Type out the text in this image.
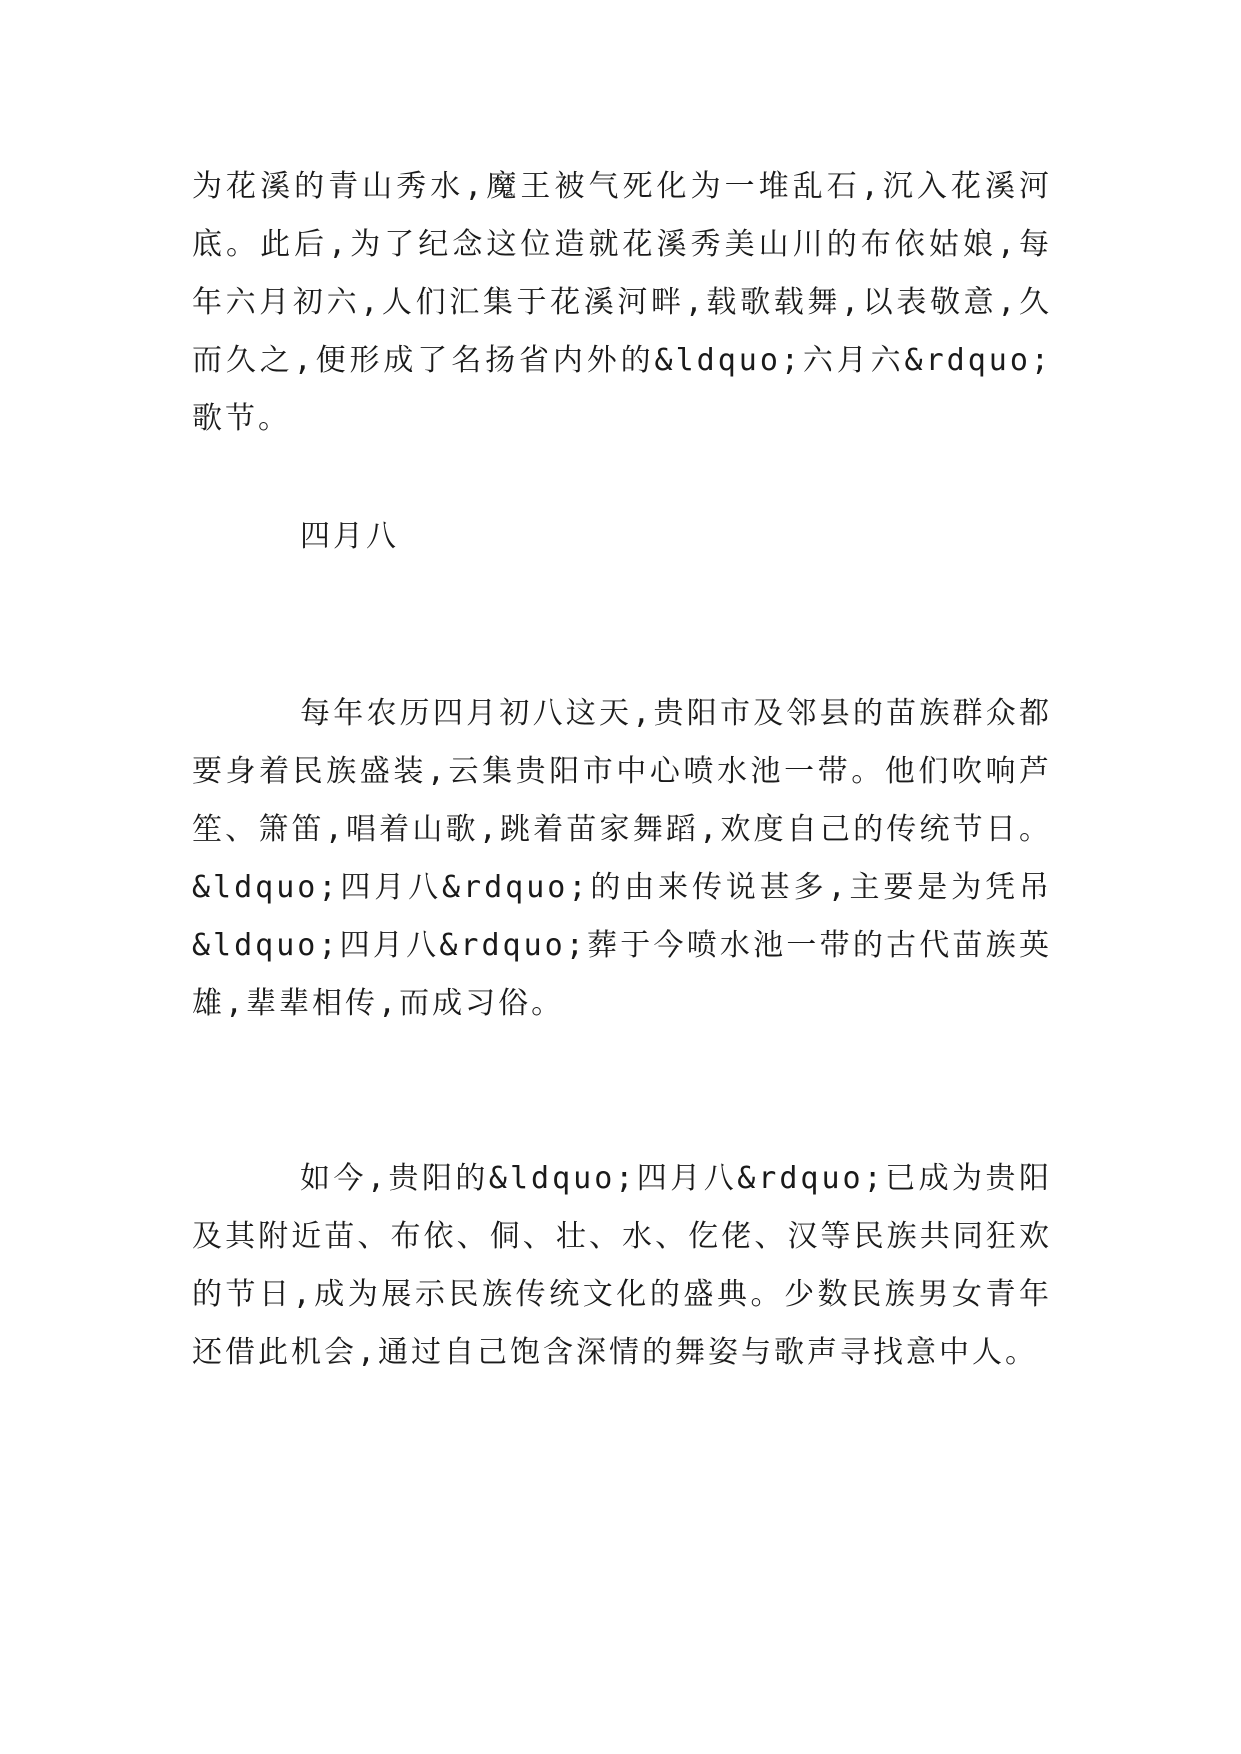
为花溪的青山秀水,魔王被气死化为一堆乱石,沉入花溪河底。此后,为了纪念这位造就花溪秀美山川的布依姑娘,每年六月初六,人们汇集于花溪河畔,载歌载舞,以表敬意,久而久之,便形成了名扬省内外的&ldquo;六月六&rdquo;歌节。

四月八

每年农历四月初八这天,贵阳市及邻县的苗族群众都要身着民族盛装,云集贵阳市中心喷水池一带。他们吹响芦笙、箫笛,唱着山歌,跳着苗家舞蹈,欢度自己的传统节日。&ldquo;四月八&rdquo;的由来传说甚多,主要是为凭吊&ldquo;四月八&rdquo;葬于今喷水池一带的古代苗族英雄,辈辈相传,而成习俗。

如今,贵阳的&ldquo;四月八&rdquo;已成为贵阳及其附近苗、布依、侗、壮、水、仡佬、汉等民族共同狂欢的节日,成为展示民族传统文化的盛典。少数民族男女青年还借此机会,通过自己饱含深情的舞姿与歌声寻找意中人。
